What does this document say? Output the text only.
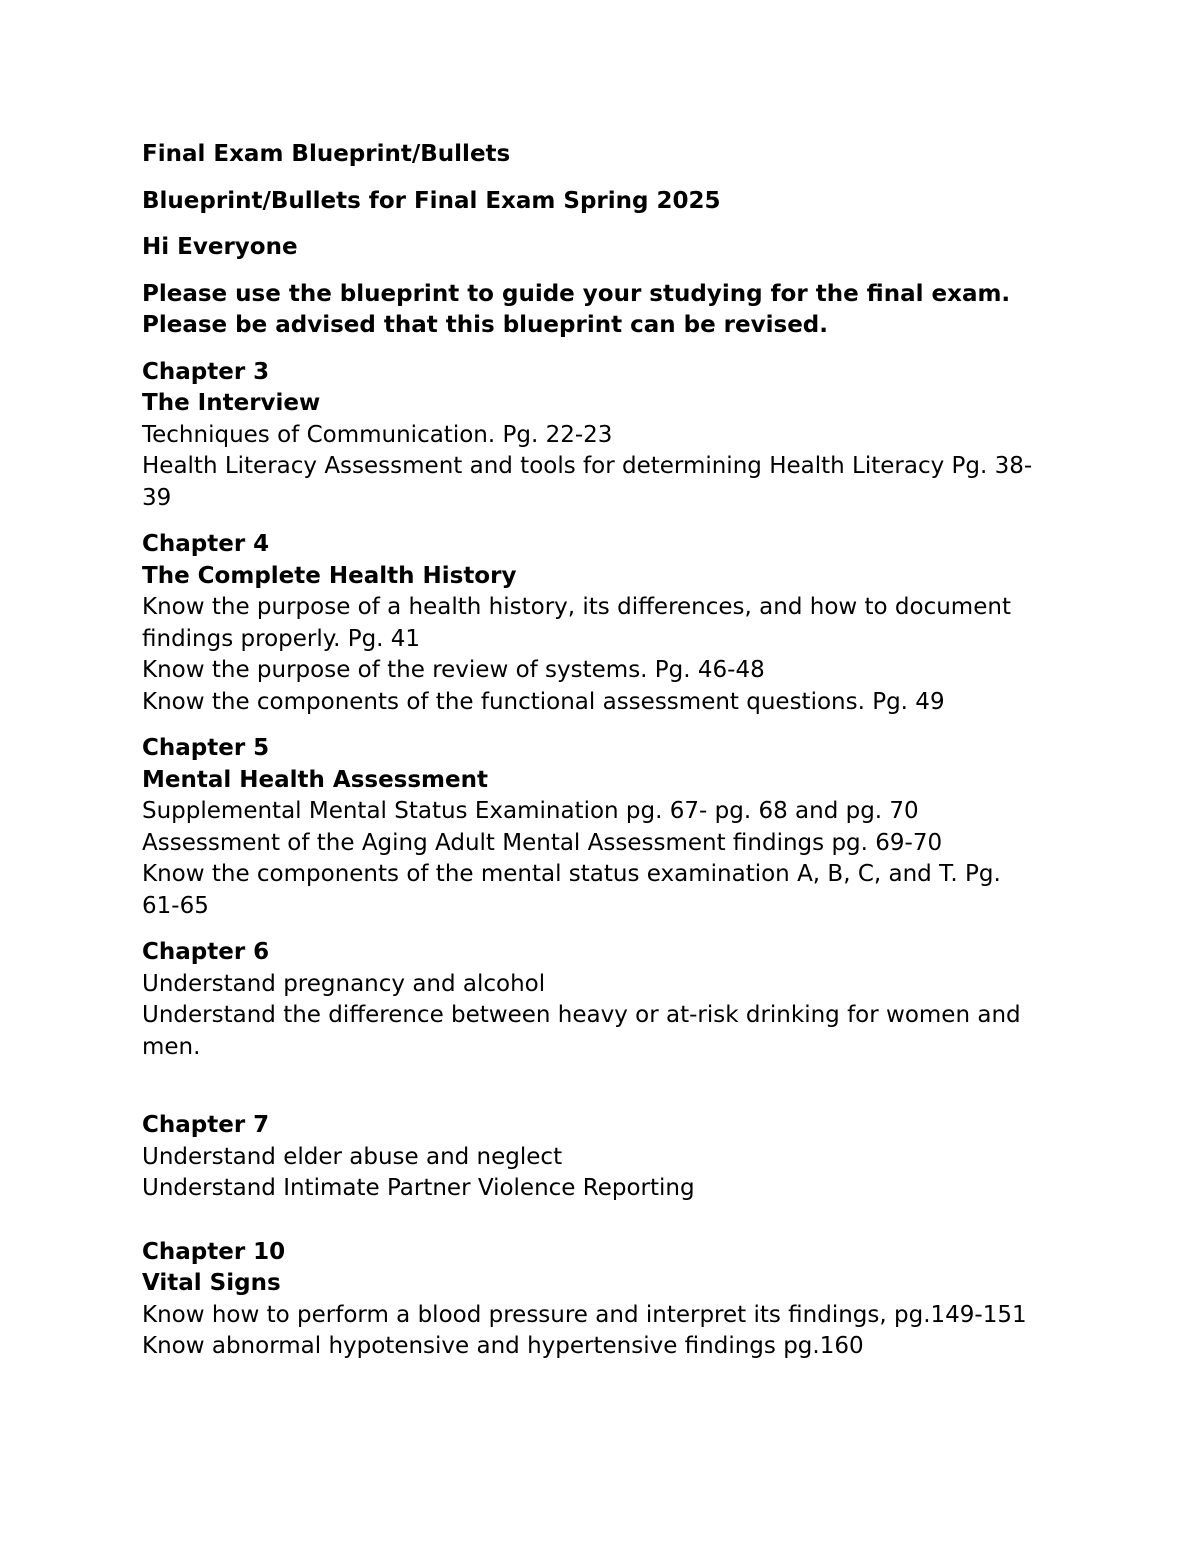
Final Exam Blueprint/Bullets

Blueprint/Bullets for Final Exam Spring 2025

Hi Everyone

Please use the blueprint to guide your studying for the final exam.

Please be advised that this blueprint can be revised.

Chapter 3

The Interview

Techniques of Communication. Pg. 22-23

Health Literacy Assessment and tools for determining Health Literacy Pg. 38-

39

Chapter 4

The Complete Health History

Know the purpose of a health history, its differences, and how to document

findings properly. Pg. 41

Know the purpose of the review of systems. Pg. 46-48

Know the components of the functional assessment questions. Pg. 49

Chapter 5

Mental Health Assessment

Supplemental Mental Status Examination pg. 67- pg. 68 and pg. 70

Assessment of the Aging Adult Mental Assessment findings pg. 69-70

Know the components of the mental status examination A, B, C, and T. Pg.

61-65

Chapter 6

Understand pregnancy and alcohol

Understand the difference between heavy or at-risk drinking for women and

men.

Chapter 7

Understand elder abuse and neglect

Understand Intimate Partner Violence Reporting

Chapter 10

Vital Signs

Know how to perform a blood pressure and interpret its findings, pg.149-151

Know abnormal hypotensive and hypertensive findings pg.160
